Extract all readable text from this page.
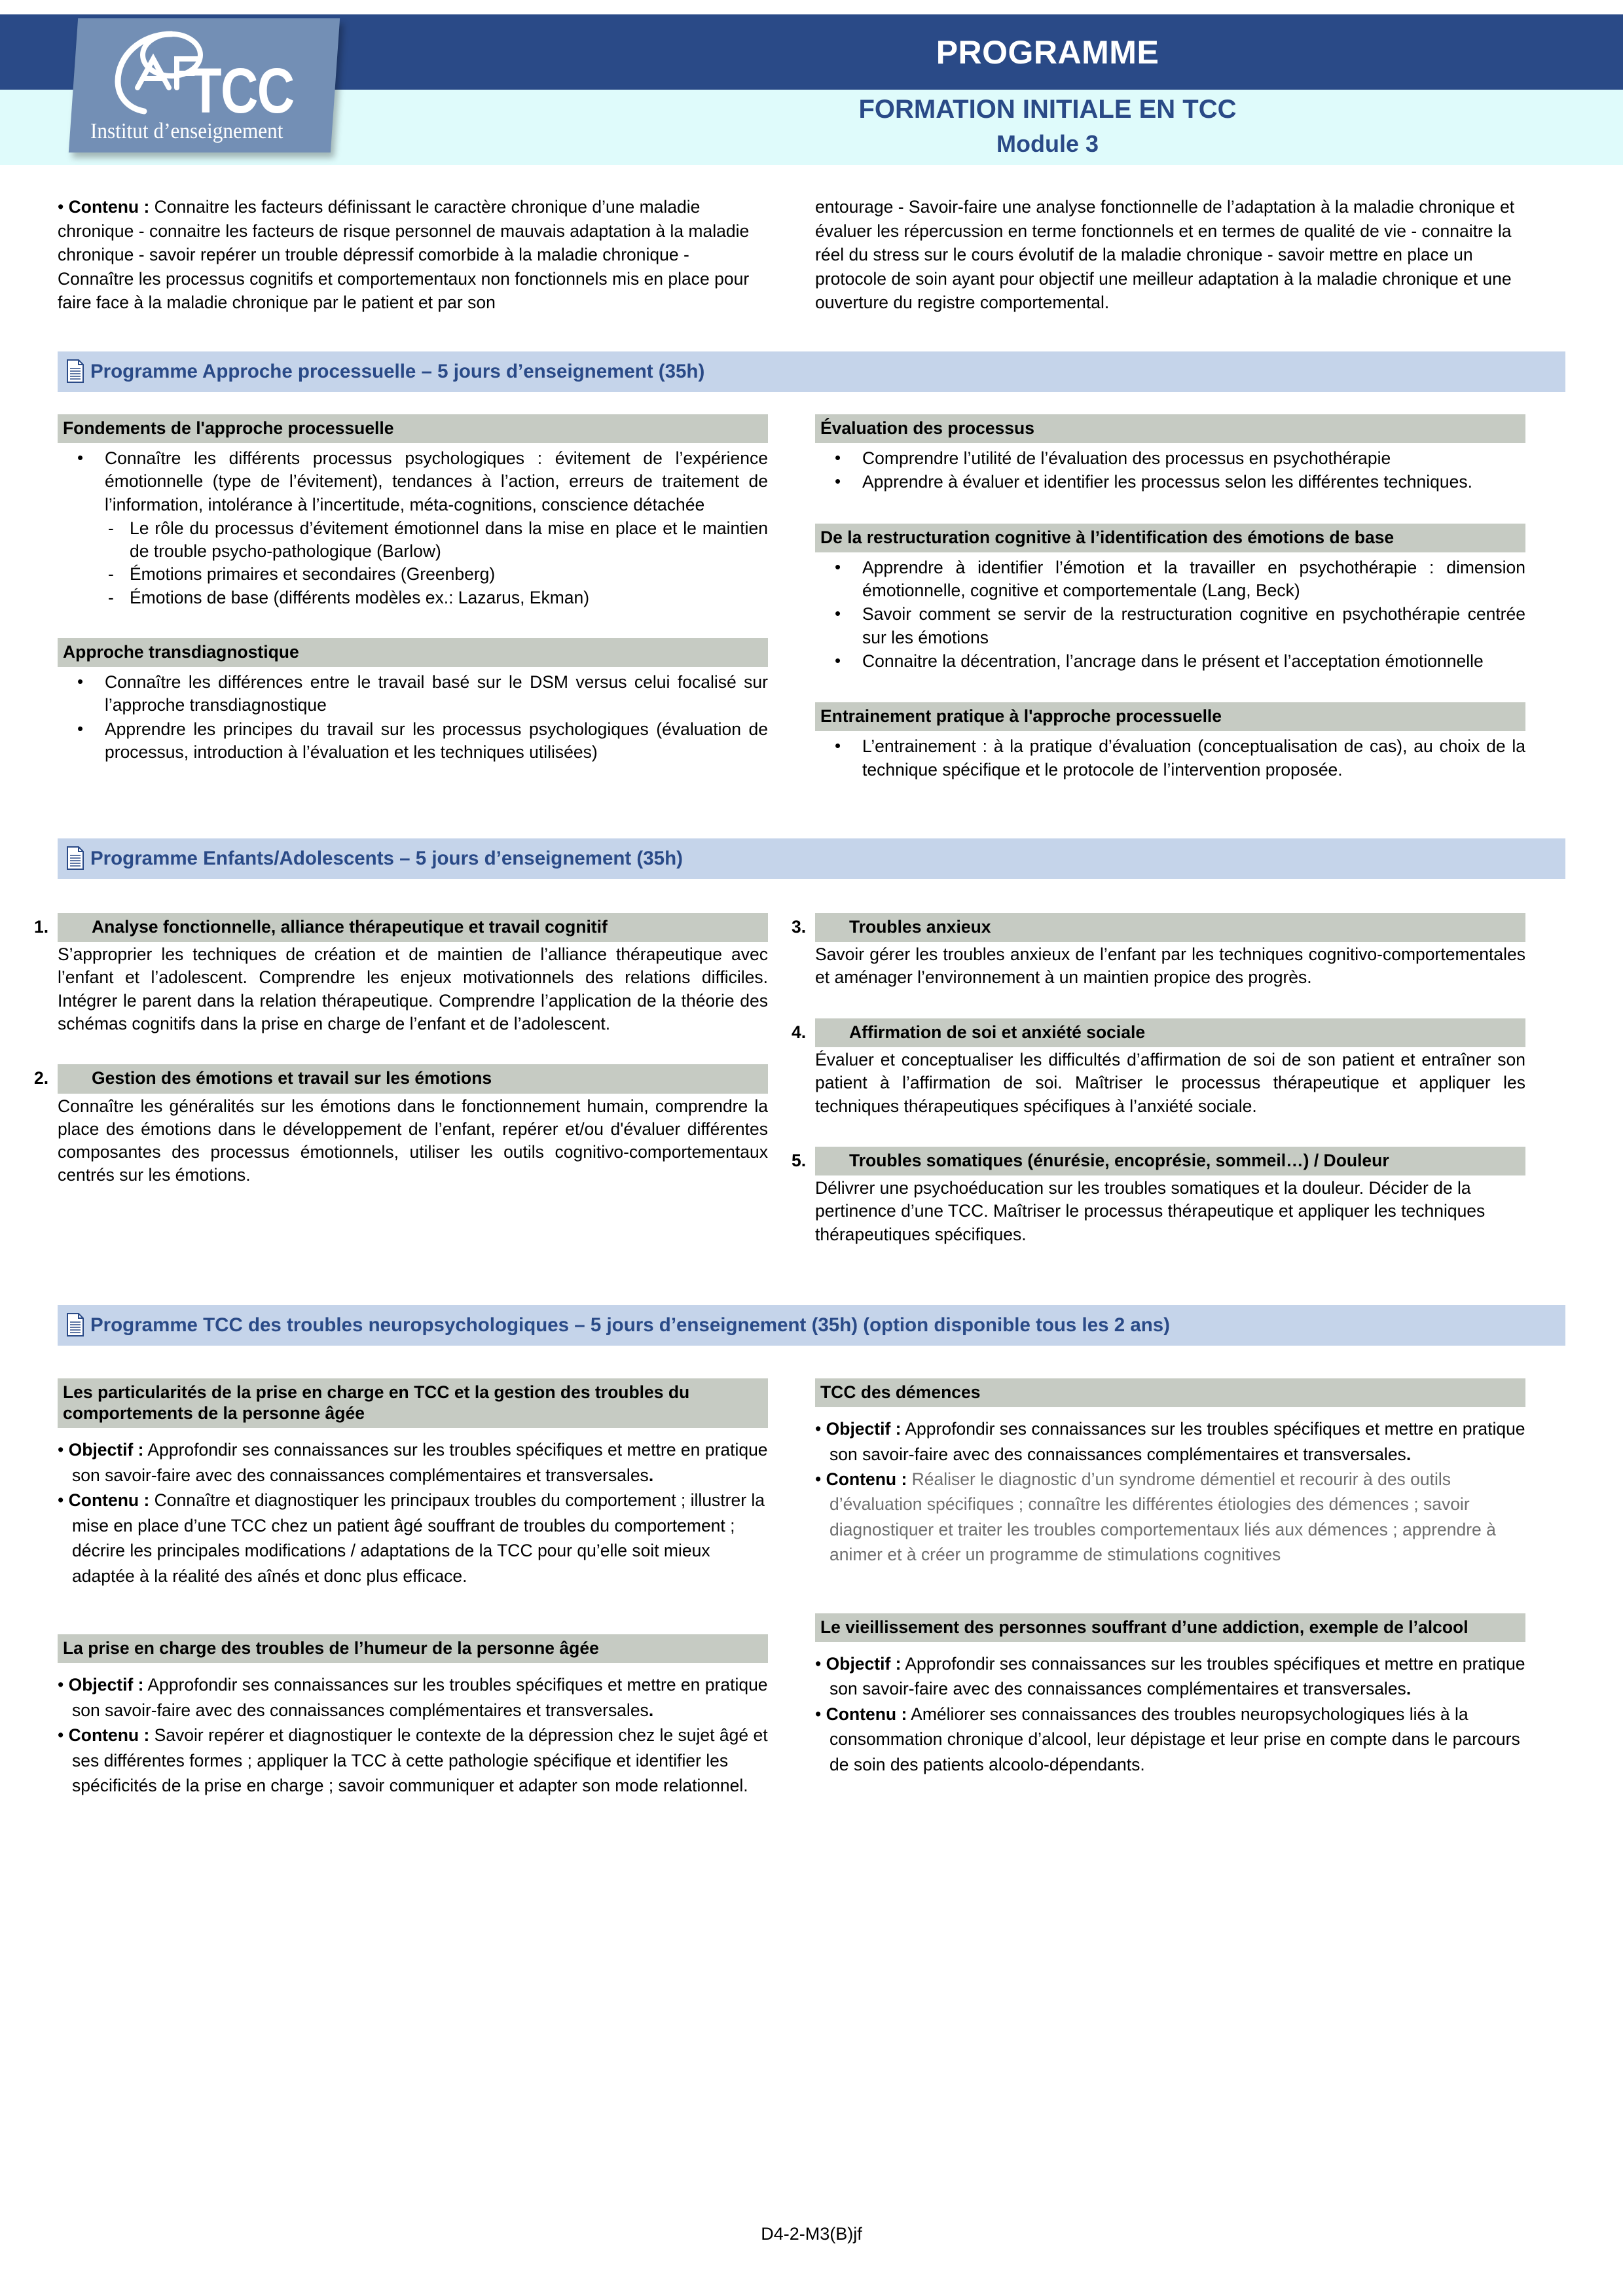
TCC
Institut d’enseignement
PROGRAMME
FORMATION INITIALE EN TCC
Module 3
• Contenu : Connaitre les facteurs définissant le caractère chronique d’une maladie chronique - connaitre les facteurs de risque personnel de mauvais adaptation à la maladie chronique - savoir repérer un trouble dépressif comorbide à la maladie chronique - Connaître les processus cognitifs et comportementaux non fonctionnels mis en place pour faire face à la maladie chronique par le patient et par son
entourage - Savoir-faire une analyse fonctionnelle de l’adaptation à la maladie chronique et évaluer les répercussion en terme fonctionnels et en termes de qualité de vie - connaitre la réel du stress sur le cours évolutif de la maladie chronique - savoir mettre en place un protocole de soin ayant pour objectif une meilleur adaptation à la maladie chronique et une ouverture du registre comportemental.
Programme Approche processuelle – 5 jours d’enseignement (35h)
Fondements de l'approche processuelle
• Connaître les différents processus psychologiques : évitement de l’expérience émotionnelle (type de l’évitement), tendances à l’action, erreurs de traitement de l’information, intolérance à l’incertitude, méta-cognitions, conscience détachée
- Le rôle du processus d’évitement émotionnel dans la mise en place et le maintien de trouble psycho-pathologique (Barlow)
- Émotions primaires et secondaires (Greenberg)
- Émotions de base (différents modèles ex.: Lazarus, Ekman)
Approche transdiagnostique
• Connaître les différences entre le travail basé sur le DSM versus celui focalisé sur l’approche transdiagnostique
• Apprendre les principes du travail sur les processus psychologiques (évaluation de processus, introduction à l’évaluation et les techniques utilisées)
Évaluation des processus
• Comprendre l’utilité de l’évaluation des processus en psychothérapie
• Apprendre à évaluer et identifier les processus selon les différentes techniques.
De la restructuration cognitive à l’identification des émotions de base
• Apprendre à identifier l’émotion et la travailler en psychothérapie : dimension émotionnelle, cognitive et comportementale (Lang, Beck)
• Savoir comment se servir de la restructuration cognitive en psychothérapie centrée sur les émotions
• Connaitre la décentration, l’ancrage dans le présent et l’acceptation émotionnelle
Entrainement pratique à l'approche processuelle
• L’entrainement : à la pratique d’évaluation (conceptualisation de cas), au choix de la technique spécifique et le protocole de l’intervention proposée.
Programme Enfants/Adolescents – 5 jours d’enseignement (35h)
1. Analyse fonctionnelle, alliance thérapeutique et travail cognitif
S’approprier les techniques de création et de maintien de l’alliance thérapeutique avec l’enfant et l’adolescent. Comprendre les enjeux motivationnels des relations difficiles. Intégrer le parent dans la relation thérapeutique. Comprendre l’application de la théorie des schémas cognitifs dans la prise en charge de l’enfant et de l’adolescent.
2. Gestion des émotions et travail sur les émotions
Connaître les généralités sur les émotions dans le fonctionnement humain, comprendre la place des émotions dans le développement de l’enfant, repérer et/ou d'évaluer différentes composantes des processus émotionnels, utiliser les outils cognitivo-comportementaux centrés sur les émotions.
3. Troubles anxieux
Savoir gérer les troubles anxieux de l’enfant par les techniques cognitivo-comportementales et aménager l’environnement à un maintien propice des progrès.
4. Affirmation de soi et anxiété sociale
Évaluer et conceptualiser les difficultés d’affirmation de soi de son patient et entraîner son patient à l’affirmation de soi. Maîtriser le processus thérapeutique et appliquer les techniques thérapeutiques spécifiques à l’anxiété sociale.
5. Troubles somatiques (énurésie, encoprésie, sommeil…) / Douleur
Délivrer une psychoéducation sur les troubles somatiques et la douleur. Décider de la pertinence d’une TCC. Maîtriser le processus thérapeutique et appliquer les techniques thérapeutiques spécifiques.
Programme TCC des troubles neuropsychologiques – 5 jours d’enseignement (35h) (option disponible tous les 2 ans)
Les particularités de la prise en charge en TCC et la gestion des troubles du comportements de la personne âgée
• Objectif : Approfondir ses connaissances sur les troubles spécifiques et mettre en pratique son savoir-faire avec des connaissances complémentaires et transversales.
• Contenu : Connaître et diagnostiquer les principaux troubles du comportement ; illustrer la mise en place d’une TCC chez un patient âgé souffrant de troubles du comportement ; décrire les principales modifications / adaptations de la TCC pour qu’elle soit mieux adaptée à la réalité des aînés et donc plus efficace.
La prise en charge des troubles de l’humeur de la personne âgée
• Objectif : Approfondir ses connaissances sur les troubles spécifiques et mettre en pratique son savoir-faire avec des connaissances complémentaires et transversales.
• Contenu : Savoir repérer et diagnostiquer le contexte de la dépression chez le sujet âgé et ses différentes formes ; appliquer la TCC à cette pathologie spécifique et identifier les spécificités de la prise en charge ; savoir communiquer et adapter son mode relationnel.
TCC des démences
• Objectif : Approfondir ses connaissances sur les troubles spécifiques et mettre en pratique son savoir-faire avec des connaissances complémentaires et transversales.
• Contenu : Réaliser le diagnostic d’un syndrome démentiel et recourir à des outils d’évaluation spécifiques ; connaître les différentes étiologies des démences ; savoir diagnostiquer et traiter les troubles comportementaux liés aux démences ; apprendre à animer et à créer un programme de stimulations cognitives
Le vieillissement des personnes souffrant d’une addiction, exemple de l’alcool
• Objectif : Approfondir ses connaissances sur les troubles spécifiques et mettre en pratique son savoir-faire avec des connaissances complémentaires et transversales.
• Contenu : Améliorer ses connaissances des troubles neuropsychologiques liés à la consommation chronique d’alcool, leur dépistage et leur prise en compte dans le parcours de soin des patients alcoolo-dépendants.
D4-2-M3(B)jf
